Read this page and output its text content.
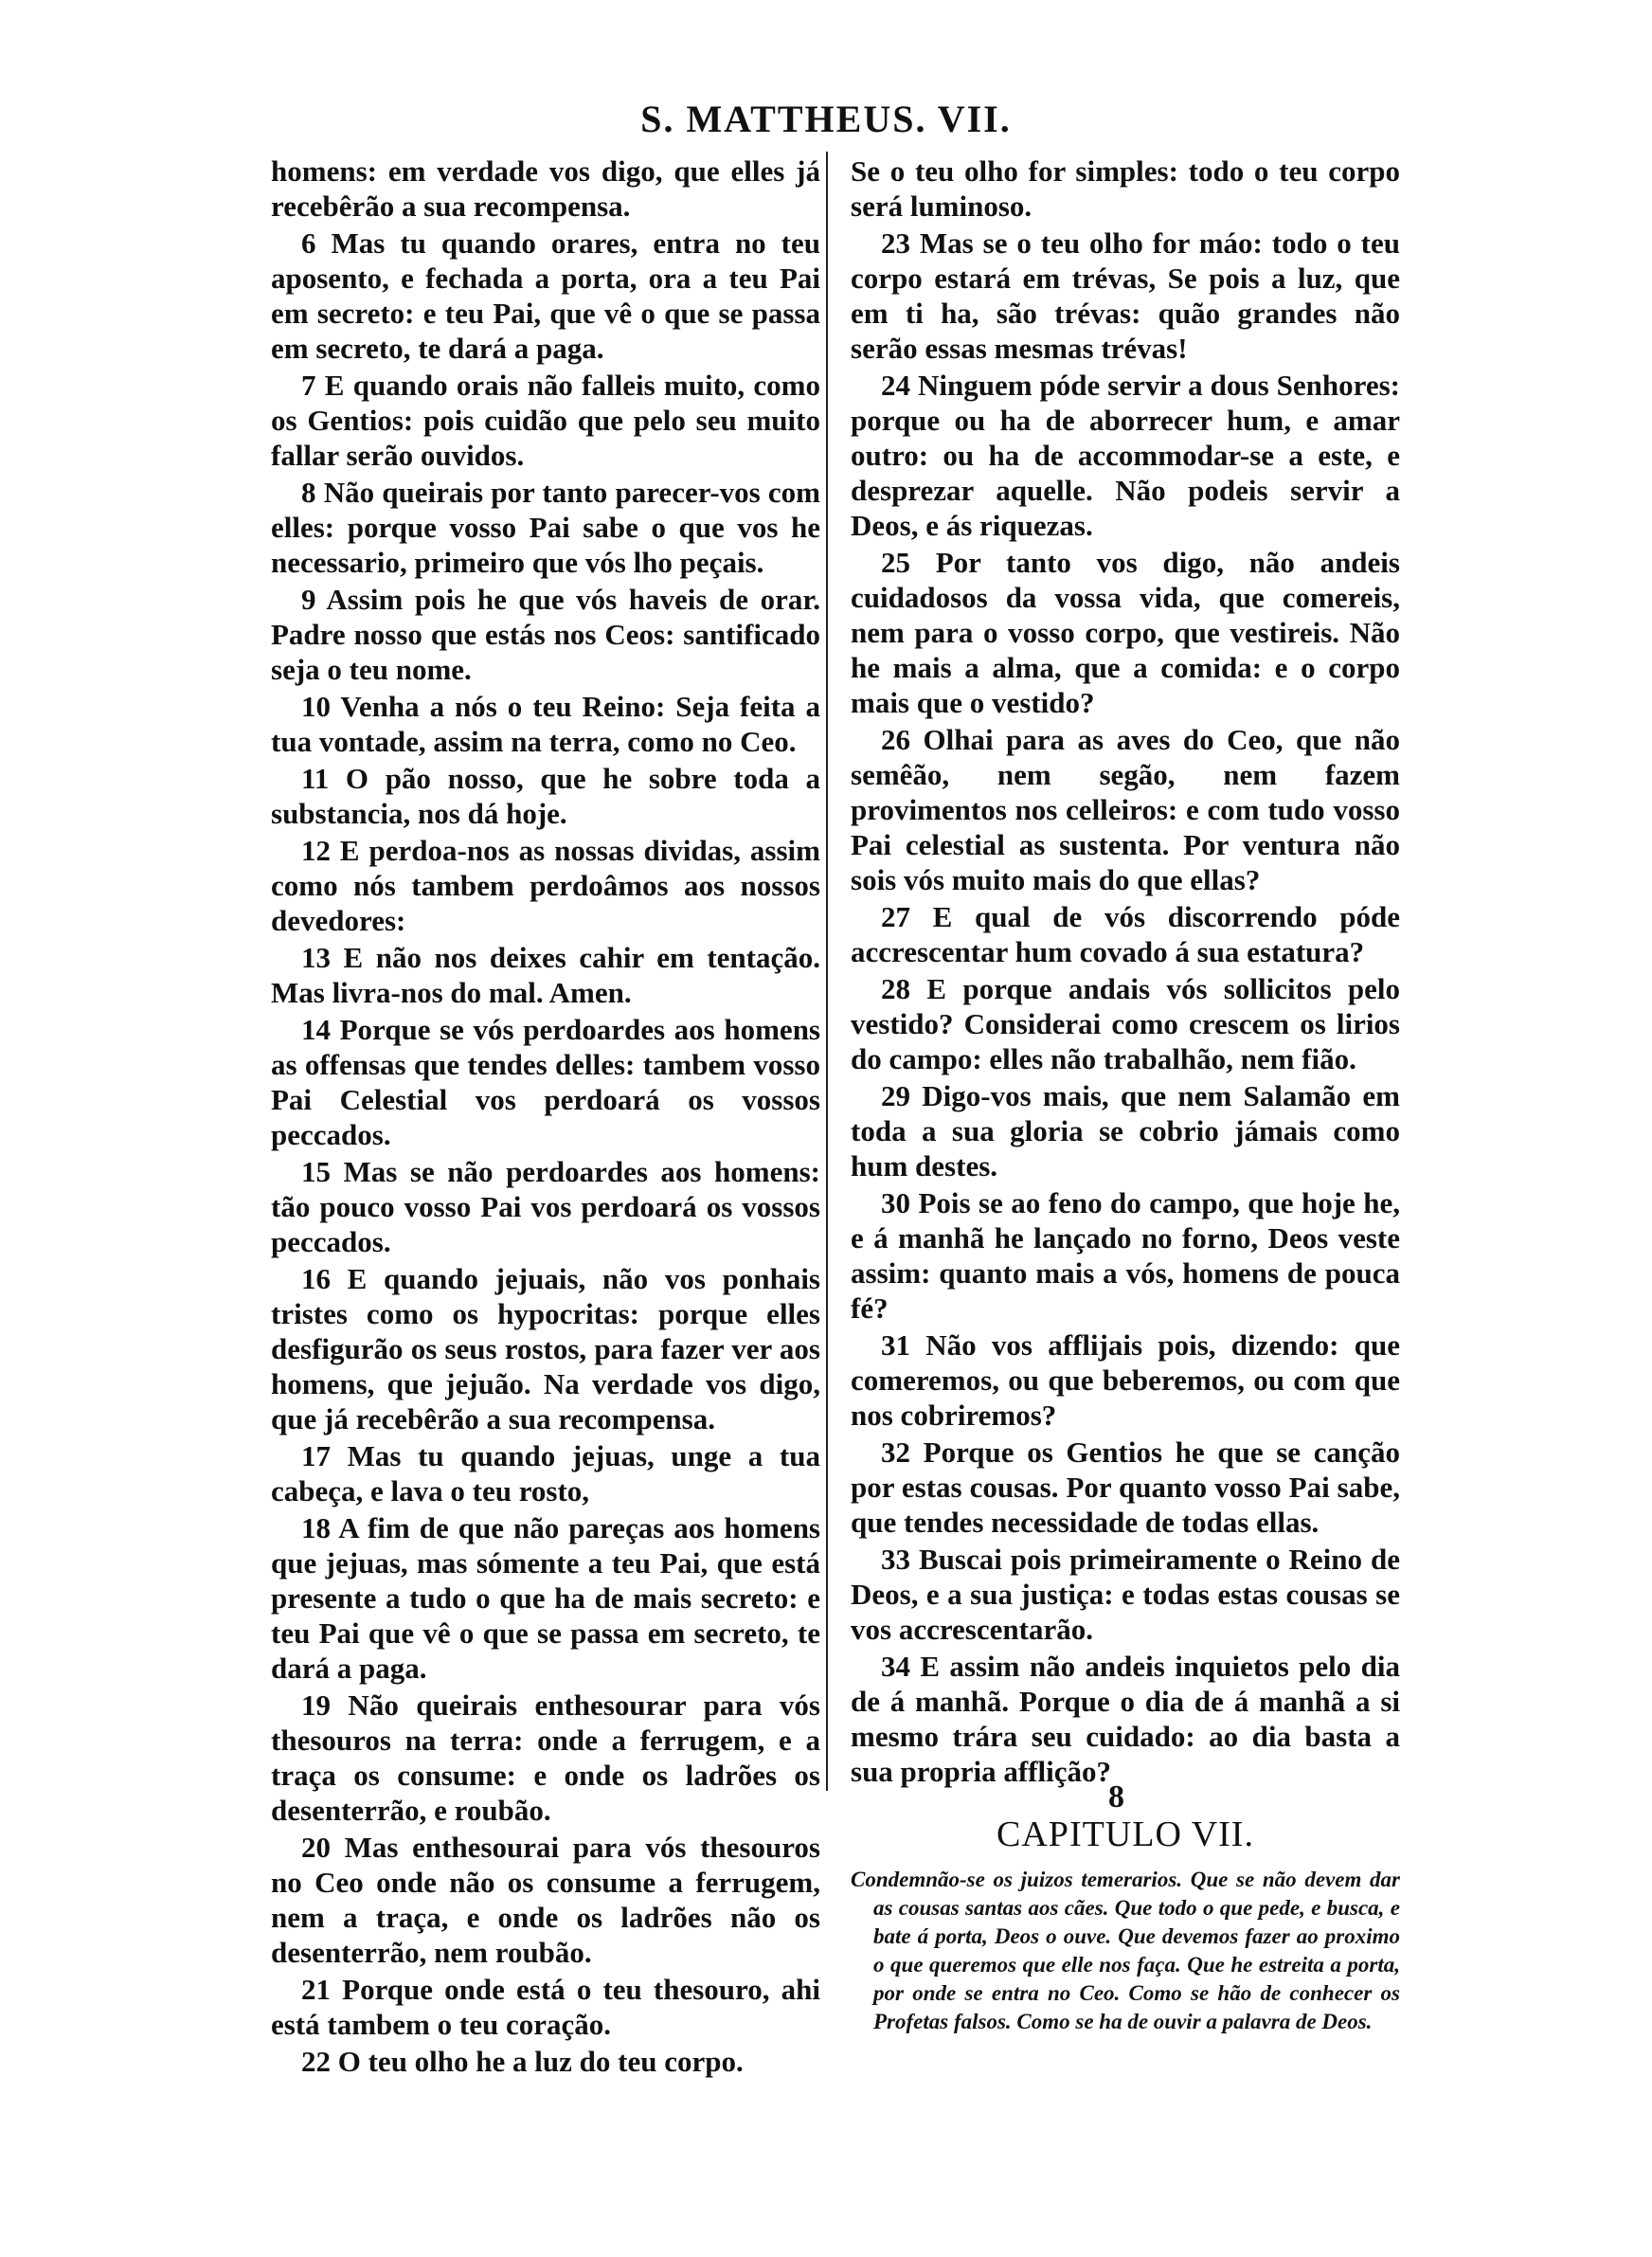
S. MATTHEUS. VII.

homens: em verdade vos digo, que elles já recebêrão a sua recompensa.

6 Mas tu quando orares, entra no teu aposento, e fechada a porta, ora a teu Pai em secreto: e teu Pai, que vê o que se passa em secreto, te dará a paga.

7 E quando orais não falleis muito, como os Gentios: pois cuidão que pelo seu muito fallar serão ouvidos.

8 Não queirais por tanto parecer-vos com elles: porque vosso Pai sabe o que vos he necessario, primeiro que vós lho peçais.

9 Assim pois he que vós haveis de orar. Padre nosso que estás nos Ceos: santificado seja o teu nome.

10 Venha a nós o teu Reino: Seja feita a tua vontade, assim na terra, como no Ceo.

11 O pão nosso, que he sobre toda a substancia, nos dá hoje.

12 E perdoa-nos as nossas dividas, assim como nós tambem perdoâmos aos nossos devedores:

13 E não nos deixes cahir em tentação. Mas livra-nos do mal. Amen.

14 Porque se vós perdoardes aos homens as offensas que tendes delles: tambem vosso Pai Celestial vos perdoará os vossos peccados.

15 Mas se não perdoardes aos homens: tão pouco vosso Pai vos perdoará os vossos peccados.

16 E quando jejuais, não vos ponhais tristes como os hypocritas: porque elles desfigurão os seus rostos, para fazer ver aos homens, que jejuão. Na verdade vos digo, que já recebêrão a sua recompensa.

17 Mas tu quando jejuas, unge a tua cabeça, e lava o teu rosto,

18 A fim de que não pareças aos homens que jejuas, mas sómente a teu Pai, que está presente a tudo o que ha de mais secreto: e teu Pai que vê o que se passa em secreto, te dará a paga.

19 Não queirais enthesourar para vós thesouros na terra: onde a ferrugem, e a traça os consume: e onde os ladrões os desenterrão, e roubão.

20 Mas enthesourai para vós thesouros no Ceo onde não os consume a ferrugem, nem a traça, e onde os ladrões não os desenterrão, nem roubão.

21 Porque onde está o teu thesouro, ahi está tambem o teu coração.

22 O teu olho he a luz do teu corpo.

Se o teu olho for simples: todo o teu corpo será luminoso.

23 Mas se o teu olho for máo: todo o teu corpo estará em trévas, Se pois a luz, que em ti ha, são trévas: quão grandes não serão essas mesmas trévas!

24 Ninguem póde servir a dous Senhores: porque ou ha de aborrecer hum, e amar outro: ou ha de accommodar-se a este, e desprezar aquelle. Não podeis servir a Deos, e ás riquezas.

25 Por tanto vos digo, não andeis cuidadosos da vossa vida, que comereis, nem para o vosso corpo, que vestireis. Não he mais a alma, que a comida: e o corpo mais que o vestido?

26 Olhai para as aves do Ceo, que não semêão, nem segão, nem fazem provimentos nos celleiros: e com tudo vosso Pai celestial as sustenta. Por ventura não sois vós muito mais do que ellas?

27 E qual de vós discorrendo póde accrescentar hum covado á sua estatura?

28 E porque andais vós sollicitos pelo vestido? Considerai como crescem os lirios do campo: elles não trabalhão, nem fião.

29 Digo-vos mais, que nem Salamão em toda a sua gloria se cobrio jámais como hum destes.

30 Pois se ao feno do campo, que hoje he, e á manhã he lançado no forno, Deos veste assim: quanto mais a vós, homens de pouca fé?

31 Não vos afflijais pois, dizendo: que comeremos, ou que beberemos, ou com que nos cobriremos?

32 Porque os Gentios he que se canção por estas cousas. Por quanto vosso Pai sabe, que tendes necessidade de todas ellas.

33 Buscai pois primeiramente o Reino de Deos, e a sua justiça: e todas estas cousas se vos accrescentarão.

34 E assim não andeis inquietos pelo dia de á manhã. Porque o dia de á manhã a si mesmo trára seu cuidado: ao dia basta a sua propria afflição?

CAPITULO VII.
Condemnão-se os juizos temerarios. Que se não devem dar as cousas santas aos cães. Que todo o que pede, e busca, e bate á porta, Deos o ouve. Que devemos fazer ao proximo o que queremos que elle nos faça. Que he estreita a porta, por onde se entra no Ceo. Como se hão de conhecer os Profetas falsos. Como se ha de ouvir a palavra de Deos.
8
